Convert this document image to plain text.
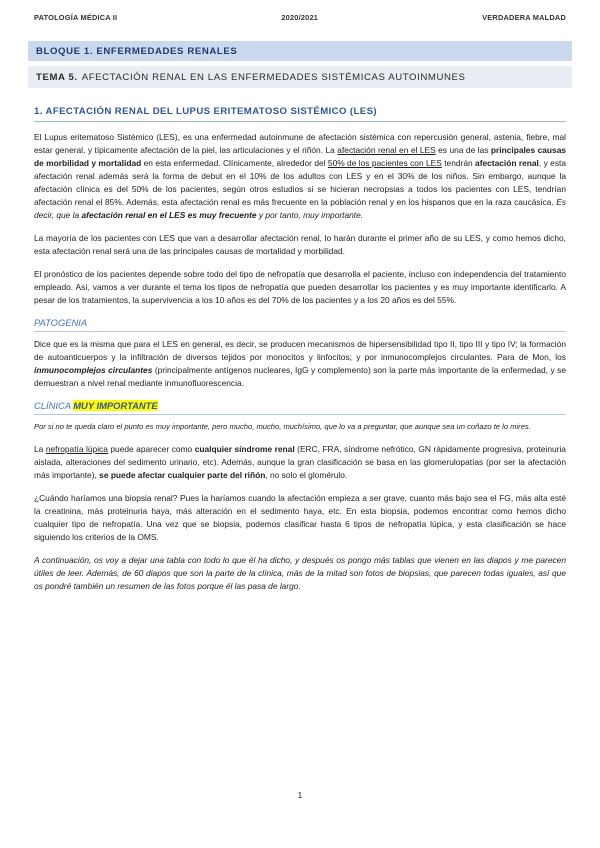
PATOLOGÍA MÉDICA II	2020/2021	VERDADERA MALDAD
BLOQUE 1. ENFERMEDADES RENALES
TEMA 5. AFECTACIÓN RENAL EN LAS ENFERMEDADES SISTÉMICAS AUTOINMUNES
1. AFECTACIÓN RENAL DEL LUPUS ERITEMATOSO SISTÉMICO (LES)

El Lupus eritematoso Sistémico (LES), es una enfermedad autoinmune de afectación sistémica con repercusión general, astenia, fiebre, mal estar general, y típicamente afectación de la piel, las articulaciones y el riñón. La afectación renal en el LES es una de las principales causas de morbilidad y mortalidad en esta enfermedad. Clínicamente, alrededor del 50% de los pacientes con LES tendrán afectación renal, y esta afectación renal además será la forma de debut en el 10% de los adultos con LES y en el 30% de los niños. Sin embargo, aunque la afectación clínica es del 50% de los pacientes, según otros estudios si se hicieran necropsias a todos los pacientes con LES, tendrían afectación renal el 85%. Además, esta afectación renal es más frecuente en la población renal y en los hispanos que en la raza caucásica. Es decir, que la afectación renal en el LES es muy frecuente y por tanto, muy importante.

La mayoría de los pacientes con LES que van a desarrollar afectación renal, lo harán durante el primer año de su LES, y como hemos dicho, esta afectación renal será una de las principales causas de mortalidad y morbilidad.

El pronóstico de los pacientes depende sobre todo del tipo de nefropatía que desarrolla el paciente, incluso con independencia del tratamiento empleado. Así, vamos a ver durante el tema los tipos de nefropatía que pueden desarrollar los pacientes y es muy importante identificarlo. A pesar de los tratamientos, la supervivencia a los 10 años es del 70% de los pacientes y a los 20 años es del 55%.

PATOGENIA

Dice que es la misma que para el LES en general, es decir, se producen mecanismos de hipersensibilidad tipo II, tipo III y tipo IV; la formación de autoanticuerpos y la infiltración de diversos tejidos por monocitos y linfocitos; y por inmunocomplejos circulantes. Para de Mon, los inmunocomplejos circulantes (principalmente antígenos nucleares, IgG y complemento) son la parte más importante de la enfermedad, y se demuestran a nivel renal mediante inmunofluorescencia.

CLÍNICA MUY IMPORTANTE

Por si no te queda claro el punto es muy importante, pero mucho, mucho, muchísimo, que lo va a preguntar, que aunque sea un coñazo te lo mires.

La nefropatía lúpica puede aparecer como cualquier síndrome renal (ERC, FRA, síndrome nefrótico, GN rápidamente progresiva, proteinuria aislada, alteraciones del sedimento urinario, etc). Además, aunque la gran clasificación se basa en las glomerulopatías (por ser la afectación más importante), se puede afectar cualquier parte del riñón, no solo el glomérulo.

¿Cuándo haríamos una biopsia renal? Pues la haríamos cuando la afectación empieza a ser grave, cuanto más bajo sea el FG, más alta esté la creatinina, más proteinuria haya, más alteración en el sedimento haya, etc. En esta biopsia, podemos encontrar como hemos dicho cualquier tipo de nefropatía. Una vez que se biopsia, podemos clasificar hasta 6 tipos de nefropatía lúpica, y esta clasificación se hace siguiendo los criterios de la OMS.

A continuación, os voy a dejar una tabla con todo lo que él ha dicho, y después os pongo más tablas que vienen en las diapos y me parecen útiles de leer. Además, de 60 diapos que son la parte de la clínica, más de la mitad son fotos de biopsias, que parecen todas iguales, así que os pondré también un resumen de las fotos porque él las pasa de largo.

1
